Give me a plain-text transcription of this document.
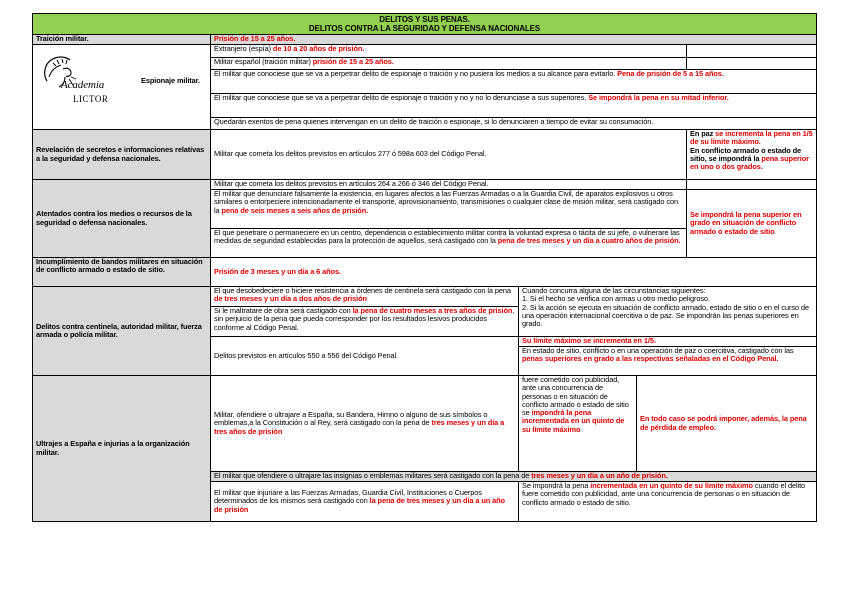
DELITOS Y SUS PENAS.
DELITOS CONTRA LA SEGURIDAD Y DEFENSA NACIONALES				

Traición militar.	Prisión de 15 a 25 años.			

Academia
LICTOR
Espionaje militar.	Extranjero (espía) de 10 a 20 años de prisión.			
	Militar español (traición militar) prisión de 15 a 25 años.			
	El militar que conociese que se va a perpetrar delito de espionaje o traición y no pusiera los medios a su alcance para evitarlo. Pena de prisión de 5 a 15 años.			
	El militar que conociese que se va a perpetrar delito de espionaje o traición y no y no lo denunciase a sus superiores. Se impondrá la pena en su mitad inferior.			
	Quedarán exentos de pena quienes intervengan en un delito de traición o espionaje, si lo denunciaren a tiempo de evitar su consumación.			
Revelación de secretos e informaciones relativas a la seguridad y defensa nacionales.	Militar que cometa los delitos previstos en artículos 277 ó 598a 603 del Código Penal.			En paz se incrementa la pena en 1/5 de su límite máximo.
En conflicto armado o estado de sitio, se impondrá la pena superior en uno o dos grados.

Atentados contra los medios o recursos de la seguridad o defensa nacionales.	Militar que cometa los delitos previstos en artículos 264 a 266 ó 346 del Código Penal.			
	El militar que denunciare falsamente la existencia, en lugares afectos a las Fuerzas Armadas o a la Guardia Civil, de aparatos explosivos u otros similares o entorpeciere intencionadamente el transporte, aprovisionamiento, transmisiones o cualquier clase de misión militar, será castigado con la pena de seis meses a seis años de prisión.			Se impondrá la pena superior en grado en situación de conflicto armado o estado de sitio
	El que penetrare o permaneciere en un centro, dependencia o establecimiento militar contra la voluntad expresa o tácita de su jefe, o vulnerare las medidas de seguridad establecidas para la protección de aquellos, será castigado con la pena de tres meses y un día a cuatro años de prisión.			
Incumplimiento de bandos militares en situación de conflicto armado o estado de sitio.	Prisión de 3 meses y un día a 6 años.			
Delitos contra centinela, autoridad militar, fuerza armada o policía militar.	El que desobedeciere o hiciere resistencia a órdenes de centinela será castigado con la pena de tres meses y un día a dos años de prisión	Cuando concurra alguna de las circunstancias siguientes:
1. Si el hecho se verifica con armas u otro medio peligroso.
2. Si la acción se ejecuta en situación de conflicto armado, estado de sitio o en el curso de una operación internacional coercitiva o de paz. Se impondrán las penas superiores en grado.		

	Si le maltratare de obra será castigado con la pena de cuatro meses a tres años de prisión, sin perjuicio de la pena que pueda corresponder por los resultados lesivos producidos conforme al Código Penal.			
	Delitos previstos en artículos 550 a 556 del Código Penal.	Su límite máximo se incrementa en 1/5.		
		En estado de sitio, conflicto o en una operación de paz o coercitiva, castigado con las penas superiores en grado a las respectivas señaladas en el Código Penal.		
Ultrajes a España e injurias a la organización militar.	Militar, ofendiere o ultrajare a España, su Bandera, Himno o alguno de sus símbolos o emblemas,a la Constitución o al Rey, será castigado con la pena de tres meses y un día a tres años de prisión	fuere cometido con publicidad, ante una concurrencia de personas o en situación de conflicto armado o estado de sitio se impondrá la pena incrementada en un quinto de su límite máximo	En todo caso se podrá imponer, además, la pena de pérdida de empleo.	
	El militar que ofendiere o ultrajare las insignias o emblemas militares será castigado con la pena de tres meses y un día a un año de prisión.			
	El militar que injuriare a las Fuerzas Armadas, Guardia Civil, Instituciones o Cuerpos determinados de los mismos será castigado con la pena de tres meses y un día a un año de prisión	Se impondrá la pena incrementada en un quinto de su límite máximo cuando el delito fuere cometido con publicidad, ante una concurrencia de personas o en situación de conflicto armado o estado de sitio.		
